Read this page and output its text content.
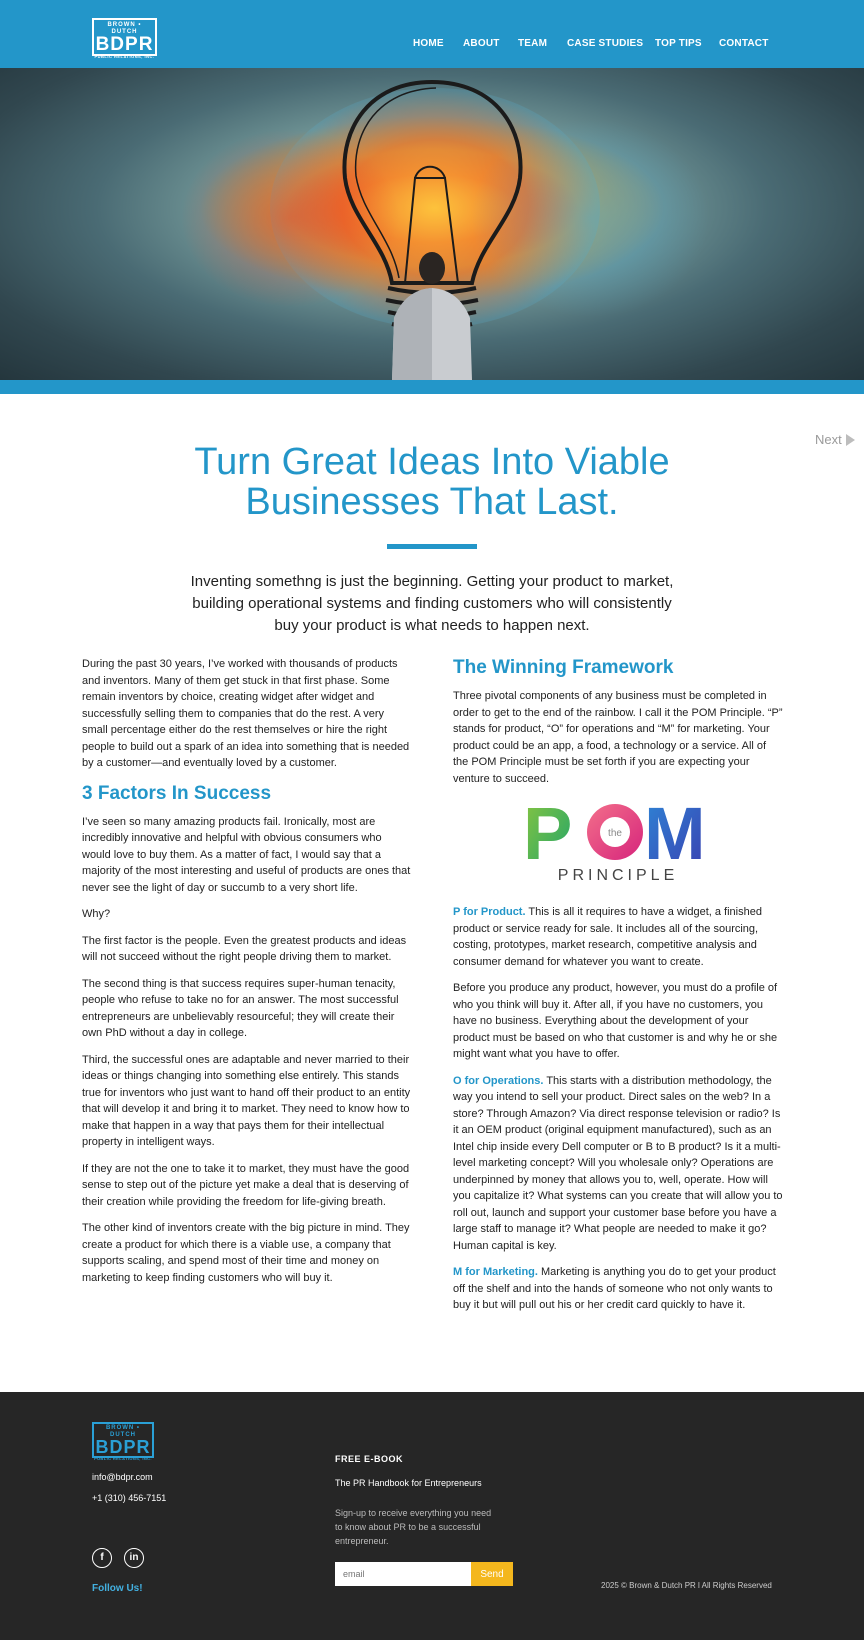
BROWN • DUTCH
BDPR
PUBLIC RELATIONS, INC.
HOME ABOUT TEAM CASE STUDIES TOP TIPS CONTACT
Next
Turn Great Ideas Into Viable
Businesses That Last.
Inventing somethng is just the beginning. Getting your product to market, building operational systems and finding customers who will consistently buy your product is what needs to happen next.

During the past 30 years, I’ve worked with thousands of products and inventors. Many of them get stuck in that first phase. Some remain inventors by choice, creating widget after widget and successfully selling them to companies that do the rest. A very small percentage either do the rest themselves or hire the right people to build out a spark of an idea into something that is needed by a customer—and eventually loved by a customer.

3 Factors In Success

I’ve seen so many amazing products fail. Ironically, most are incredibly innovative and helpful with obvious consumers who would love to buy them. As a matter of fact, I would say that a majority of the most interesting and useful of products are ones that never see the light of day or succumb to a very short life.

Why?

The first factor is the people. Even the greatest products and ideas will not succeed without the right people driving them to market.

The second thing is that success requires super-human tenacity, people who refuse to take no for an answer. The most successful entrepreneurs are unbelievably resourceful; they will create their own PhD without a day in college.

Third, the successful ones are adaptable and never married to their ideas or things changing into something else entirely. This stands true for inventors who just want to hand off their product to an entity that will develop it and bring it to market. They need to know how to make that happen in a way that pays them for their intellectual property in intelligent ways.

If they are not the one to take it to market, they must have the good sense to step out of the picture yet make a deal that is deserving of their creation while providing the freedom for life-giving breath.

The other kind of inventors create with the big picture in mind. They create a product for which there is a viable use, a company that supports scaling, and spend most of their time and money on marketing to keep finding customers who will buy it.

The Winning Framework

Three pivotal components of any business must be completed in order to get to the end of the rainbow. I call it the POM Principle. “P” stands for product, “O” for operations and “M” for marketing. Your product could be an app, a food, a technology or a service. All of the POM Principle must be set forth if you are expecting your venture to succeed.

P	the M
PRINCIPLE

P for Product. This is all it requires to have a widget, a finished product or service ready for sale. It includes all of the sourcing, costing, prototypes, market research, competitive analysis and consumer demand for whatever you want to create.

Before you produce any product, however, you must do a profile of who you think will buy it. After all, if you have no customers, you have no business. Everything about the development of your product must be based on who that customer is and why he or she might want what you have to offer.

O for Operations. This starts with a distribution methodology, the way you intend to sell your product. Direct sales on the web? In a store? Through Amazon? Via direct response television or radio? Is it an OEM product (original equipment manufactured), such as an Intel chip inside every Dell computer or B to B product? Is it a multi-level marketing concept? Will you wholesale only? Operations are underpinned by money that allows you to, well, operate. How will you capitalize it? What systems can you create that will allow you to roll out, launch and support your customer base before you have a large staff to manage it? What people are needed to make it go? Human capital is key.

M for Marketing. Marketing is anything you do to get your product off the shelf and into the hands of someone who not only wants to buy it but will pull out his or her credit card quickly to have it.

BROWN • DUTCH
BDPR
PUBLIC RELATIONS, INC.
info@bdpr.com
+1 (310) 456-7151
f	in
Follow Us!
FREE E-BOOK
The PR Handbook for Entrepreneurs
Sign-up to receive everything you need to know about PR to be a successful entrepreneur.
email
Send
2025 © Brown & Dutch PR l All Rights Reserved
